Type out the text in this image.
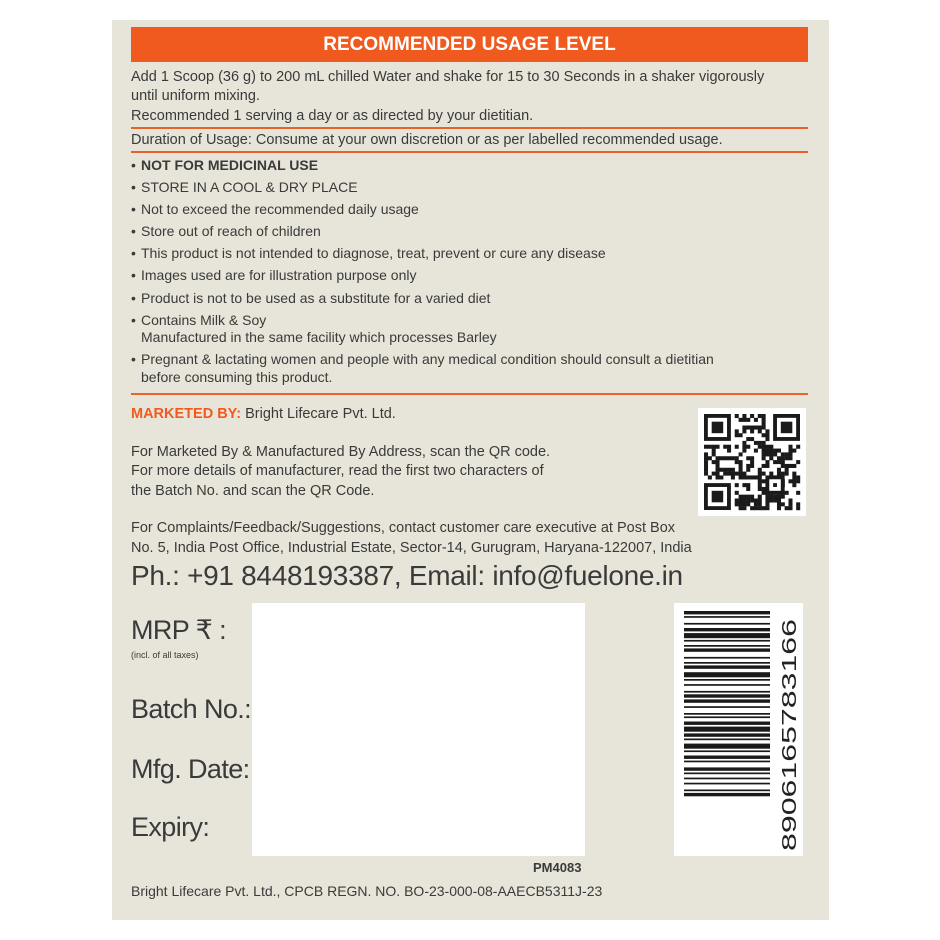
RECOMMENDED USAGE LEVEL
Add 1 Scoop (36 g) to 200 mL chilled Water and shake for 15 to 30 Seconds in a shaker vigorously
until uniform mixing.
Recommended 1 serving a day or as directed by your dietitian.
Duration of Usage: Consume at your own discretion or as per labelled recommended usage.
• NOT FOR MEDICINAL USE
• STORE IN A COOL & DRY PLACE
• Not to exceed the recommended daily usage
• Store out of reach of children
• This product is not intended to diagnose, treat, prevent or cure any disease
• Images used are for illustration purpose only
• Product is not to be used as a substitute for a varied diet
• Contains Milk & Soy
Manufactured in the same facility which processes Barley
• Pregnant & lactating women and people with any medical condition should consult a dietitian
before consuming this product.
MARKETED BY: Bright Lifecare Pvt. Ltd.
For Marketed By & Manufactured By Address, scan the QR code.
For more details of manufacturer, read the first two characters of
the Batch No. and scan the QR Code.
For Complaints/Feedback/Suggestions, contact customer care executive at Post Box
No. 5, India Post Office, Industrial Estate, Sector-14, Gurugram, Haryana-122007, India
Ph.: +91 8448193387, Email: info@fuelone.in
MRP ₹ :
(incl. of all taxes)
Batch No.:
Mfg. Date:
Expiry:	8906165783166
PM4083
Bright Lifecare Pvt. Ltd., CPCB REGN. NO. BO-23-000-08-AAECB5311J-23
